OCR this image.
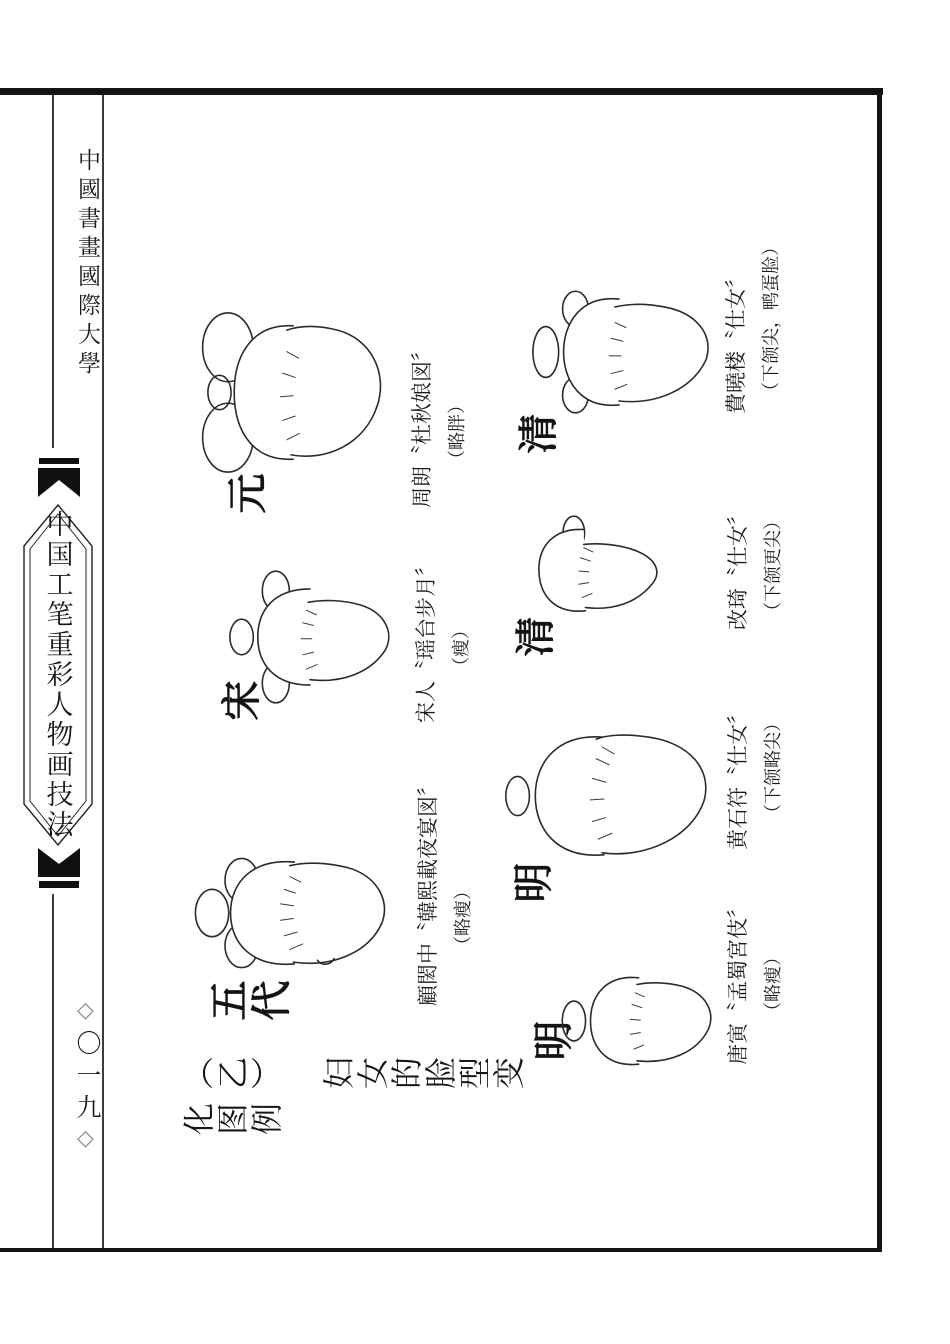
中國書畫國際大學
中国工笔重彩人物画技法
◇〇一九◇
（乙） 妇女的脸型变化图例
五代	顧閎中〝韓熙載夜宴図〞 （略瘦）
宋	宋人〝瑶台步月〞 （瘦）
元	周朗〝杜秋娘図〞 （略胖）
明	唐寅〝孟蜀宮伎〞 （略瘦）
明
黄石符〝仕女〞 （下颌略尖）
清
改琦〝仕女〞 （下颌更尖）
清
費曉楼〝仕女〞 （下颌尖，鸭蛋脸）
